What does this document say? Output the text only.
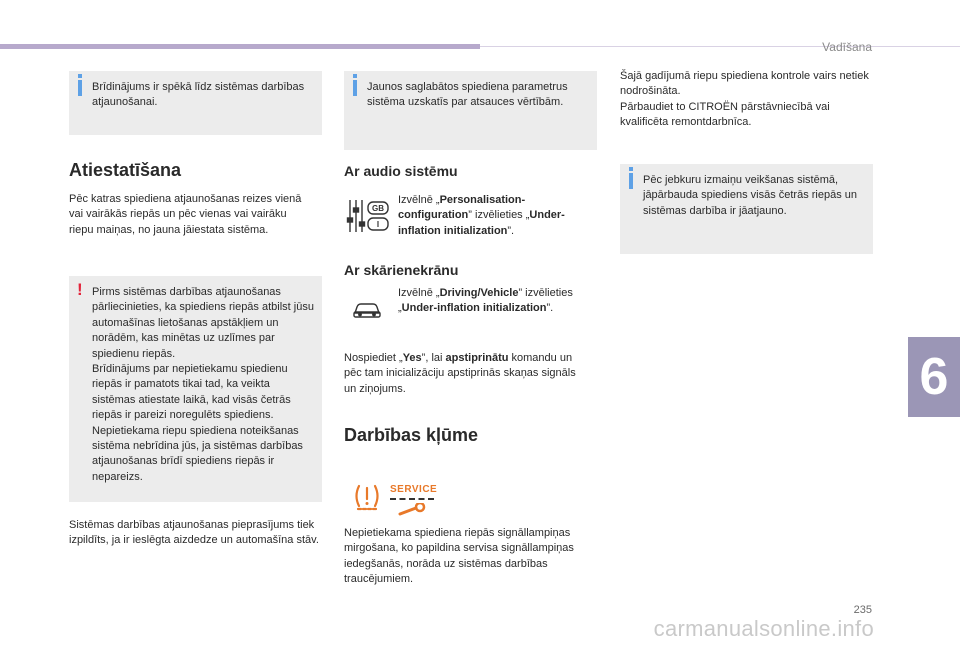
Vadīšana
6
235
carmanualsonline.info
Brīdinājums ir spēkā līdz sistēmas darbības atjaunošanai.
Atiestatīšana
Pēc katras spiediena atjaunošanas reizes vienā vai vairākās riepās un pēc vienas vai vairāku riepu maiņas, no jauna jāiestata sistēma.
! Pirms sistēmas darbības atjaunošanas pārliecinieties, ka spiediens riepās atbilst jūsu automašīnas lietošanas apstākļiem un norādēm, kas minētas uz uzlīmes par spiedienu riepās.
Brīdinājums par nepietiekamu spiedienu riepās ir pamatots tikai tad, ka veikta sistēmas atiestate laikā, kad visās četrās riepās ir pareizi noregulēts spiediens.
Nepietiekama riepu spiediena noteikšanas sistēma nebrīdina jūs, ja sistēmas darbības atjaunošanas brīdī spiediens riepās ir nepareizs.
Sistēmas darbības atjaunošanas pieprasījums tiek izpildīts, ja ir ieslēgta aizdedze un automašīna stāv.
Jaunos saglabātos spiediena parametrus sistēma uzskatīs par atsauces vērtībām.
Ar audio sistēmu
GB
I
Izvēlnē „Personalisation-configuration” izvēlieties „Under-inflation initialization”.
Ar skārienekrānu
Izvēlnē „Driving/Vehicle” izvēlieties „Under-inflation initialization”.
Nospiediet „Yes”, lai apstiprinātu komandu un pēc tam inicializāciju apstiprinās skaņas signāls un ziņojums.
Darbības kļūme
SERVICE
Nepietiekama spiediena riepās signāllampiņas mirgošana, ko papildina servisa signāllampiņas iedegšanās, norāda uz sistēmas darbības traucējumiem.
Šajā gadījumā riepu spiediena kontrole vairs netiek nodrošināta.
Pārbaudiet to CITROËN pārstāvniecībā vai kvalificēta remontdarbnīca.
Pēc jebkuru izmaiņu veikšanas sistēmā, jāpārbauda spiediens visās četrās riepās un sistēmas darbība ir jāatjauno.
